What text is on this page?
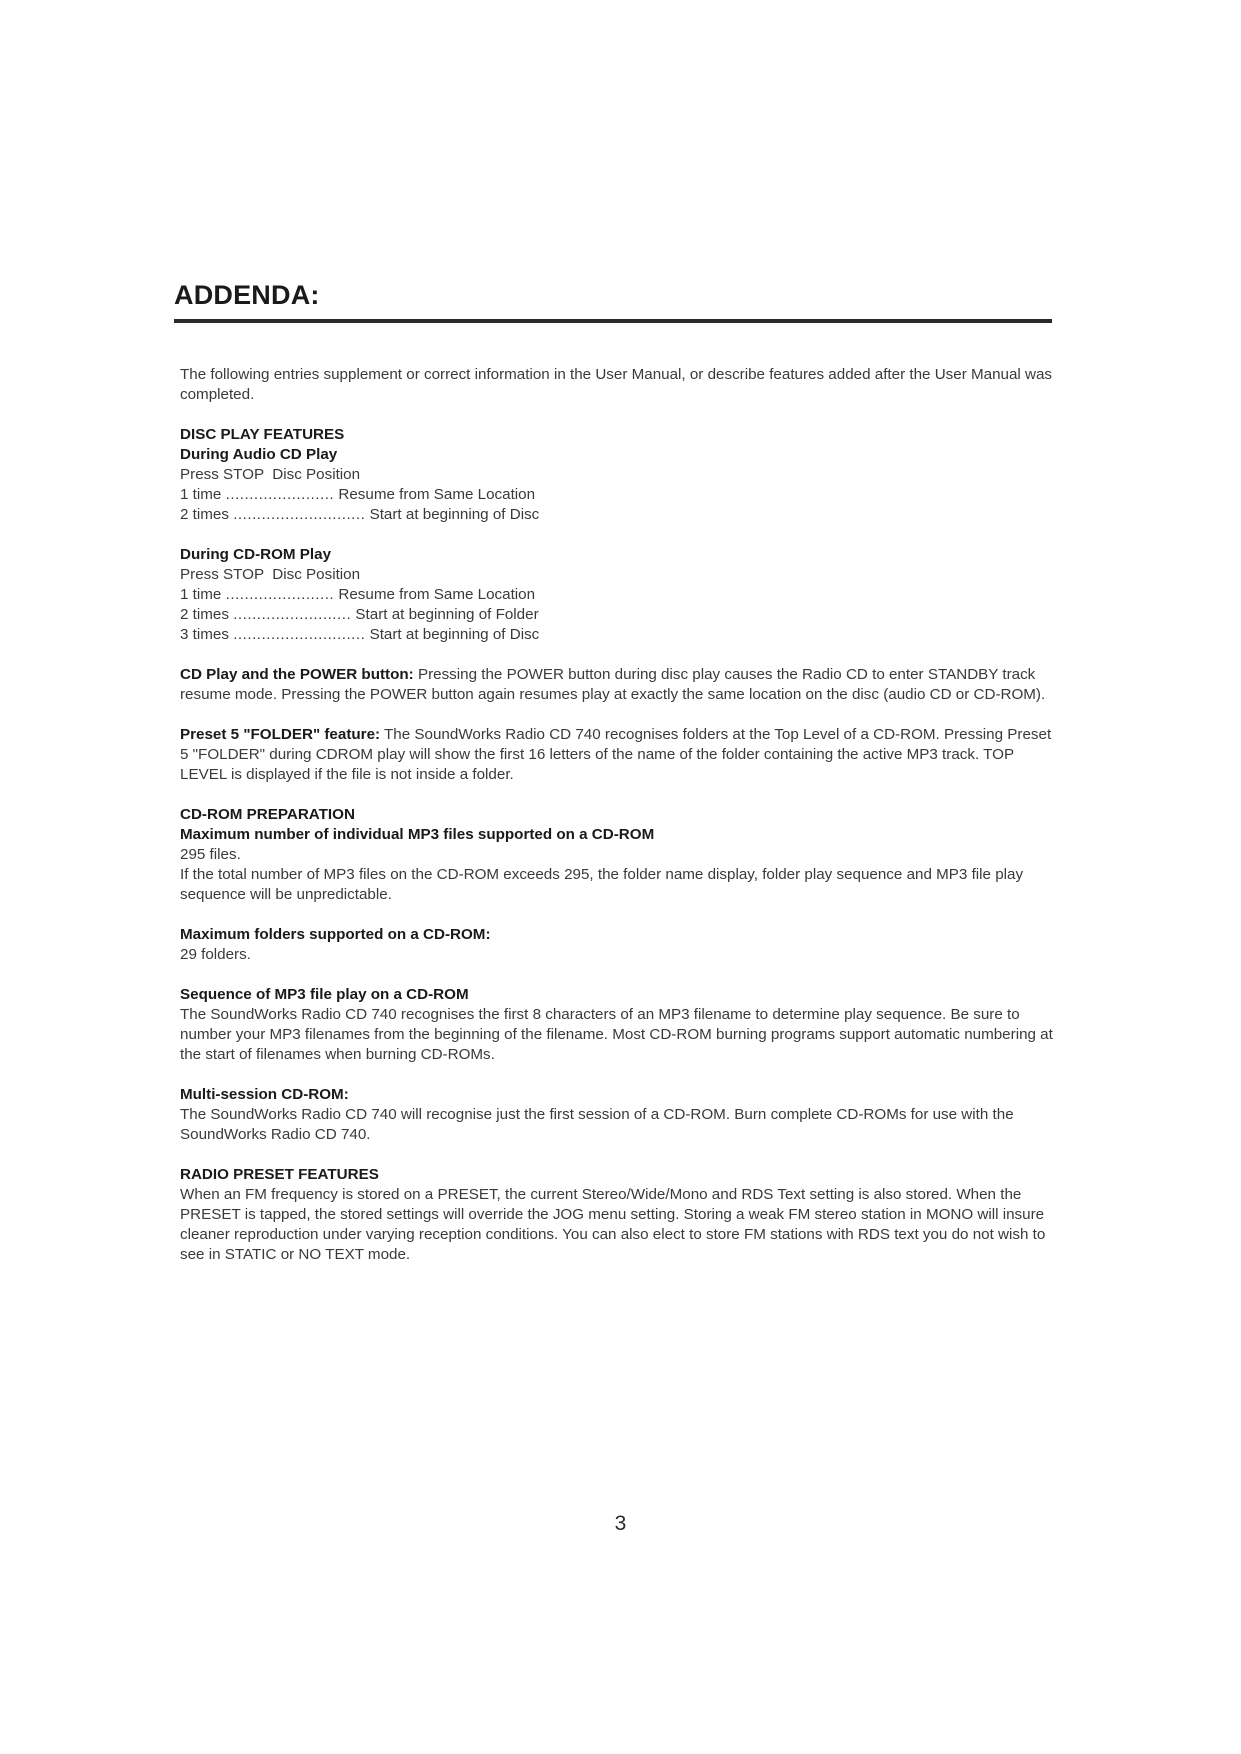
ADDENDA:

The following entries supplement or correct information in the User Manual, or describe features added after the User Manual was completed.

DISC PLAY FEATURES

During Audio CD Play

Press STOP  Disc Position

1 time ....................... Resume from Same Location
2 times ............................ Start at beginning of Disc

During CD-ROM Play

Press STOP  Disc Position

1 time ....................... Resume from Same Location
2 times ......................... Start at beginning of Folder
3 times ............................ Start at beginning of Disc

CD Play and the POWER button: Pressing the POWER button during disc play causes the Radio CD to enter STANDBY track resume mode. Pressing the POWER button again resumes play at exactly the same location on the disc (audio CD or CD-ROM).

Preset 5 "FOLDER" feature: The SoundWorks Radio CD 740 recognises folders at the Top Level of a CD-ROM. Pressing Preset 5 "FOLDER" during CDROM play will show the first 16 letters of the name of the folder containing the active MP3 track. TOP LEVEL is displayed if the file is not inside a folder.

CD-ROM PREPARATION

Maximum number of individual MP3 files supported on a CD-ROM

295 files.

If the total number of MP3 files on the CD-ROM exceeds 295, the folder name display, folder play sequence and MP3 file play sequence will be unpredictable.

Maximum folders supported on a CD-ROM:

29 folders.

Sequence of MP3 file play on a CD-ROM

The SoundWorks Radio CD 740 recognises the first 8 characters of an MP3 filename to determine play sequence. Be sure to number your MP3 filenames from the beginning of the filename. Most CD-ROM burning programs support automatic numbering at the start of filenames when burning CD-ROMs.

Multi-session CD-ROM:

The SoundWorks Radio CD 740 will recognise just the first session of a CD-ROM. Burn complete CD-ROMs for use with the SoundWorks Radio CD 740.

RADIO PRESET FEATURES

When an FM frequency is stored on a PRESET, the current Stereo/Wide/Mono and RDS Text setting is also stored. When the PRESET is tapped, the stored settings will override the JOG menu setting. Storing a weak FM stereo station in MONO will insure cleaner reproduction under varying reception conditions. You can also elect to store FM stations with RDS text you do not wish to see in STATIC or NO TEXT mode.

3
